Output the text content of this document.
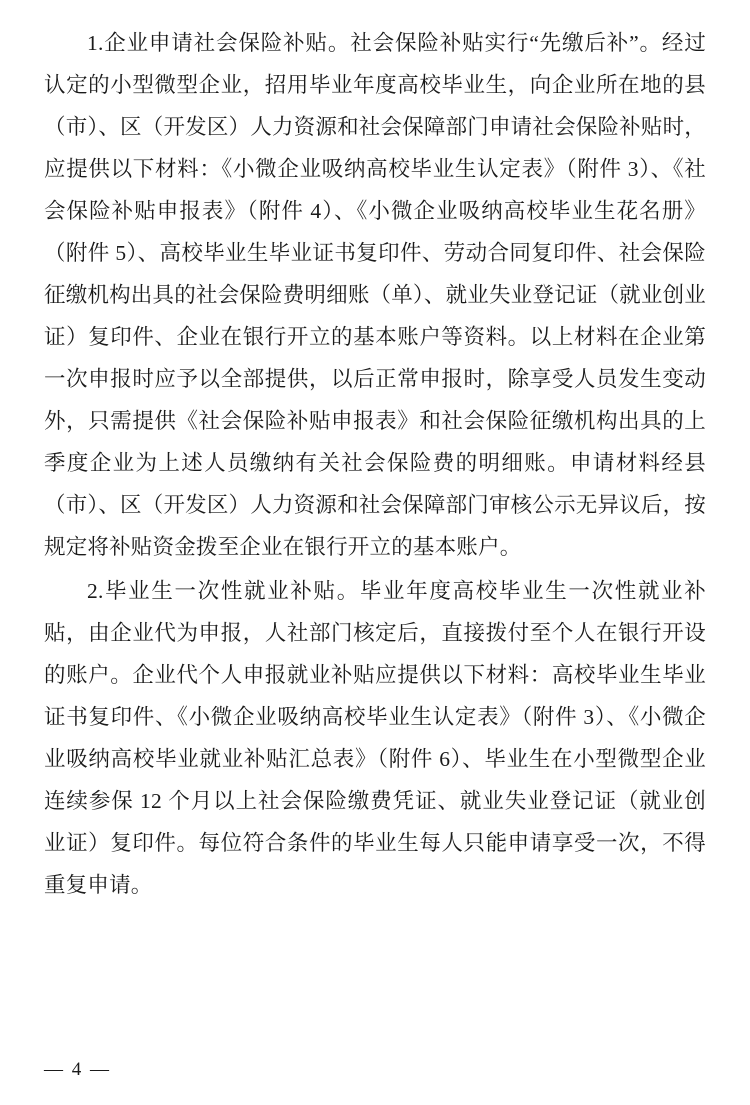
1.企业申请社会保险补贴。社会保险补贴实行“先缴后补”。经过认定的小型微型企业，招用毕业年度高校毕业生，向企业所在地的县（市）、区（开发区）人力资源和社会保障部门申请社会保险补贴时，应提供以下材料：《小微企业吸纳高校毕业生认定表》（附件 3）、《社会保险补贴申报表》（附件 4）、《小微企业吸纳高校毕业生花名册》（附件 5）、高校毕业生毕业证书复印件、劳动合同复印件、社会保险征缴机构出具的社会保险费明细账（单）、就业失业登记证（就业创业证）复印件、企业在银行开立的基本账户等资料。以上材料在企业第一次申报时应予以全部提供，以后正常申报时，除享受人员发生变动外，只需提供《社会保险补贴申报表》和社会保险征缴机构出具的上季度企业为上述人员缴纳有关社会保险费的明细账。申请材料经县（市）、区（开发区）人力资源和社会保障部门审核公示无异议后，按规定将补贴资金拨至企业在银行开立的基本账户。

2.毕业生一次性就业补贴。毕业年度高校毕业生一次性就业补贴，由企业代为申报，人社部门核定后，直接拨付至个人在银行开设的账户。企业代个人申报就业补贴应提供以下材料：高校毕业生毕业证书复印件、《小微企业吸纳高校毕业生认定表》（附件 3）、《小微企业吸纳高校毕业就业补贴汇总表》（附件 6）、毕业生在小型微型企业连续参保 12 个月以上社会保险缴费凭证、就业失业登记证（就业创业证）复印件。每位符合条件的毕业生每人只能申请享受一次，不得重复申请。

— 4 —
